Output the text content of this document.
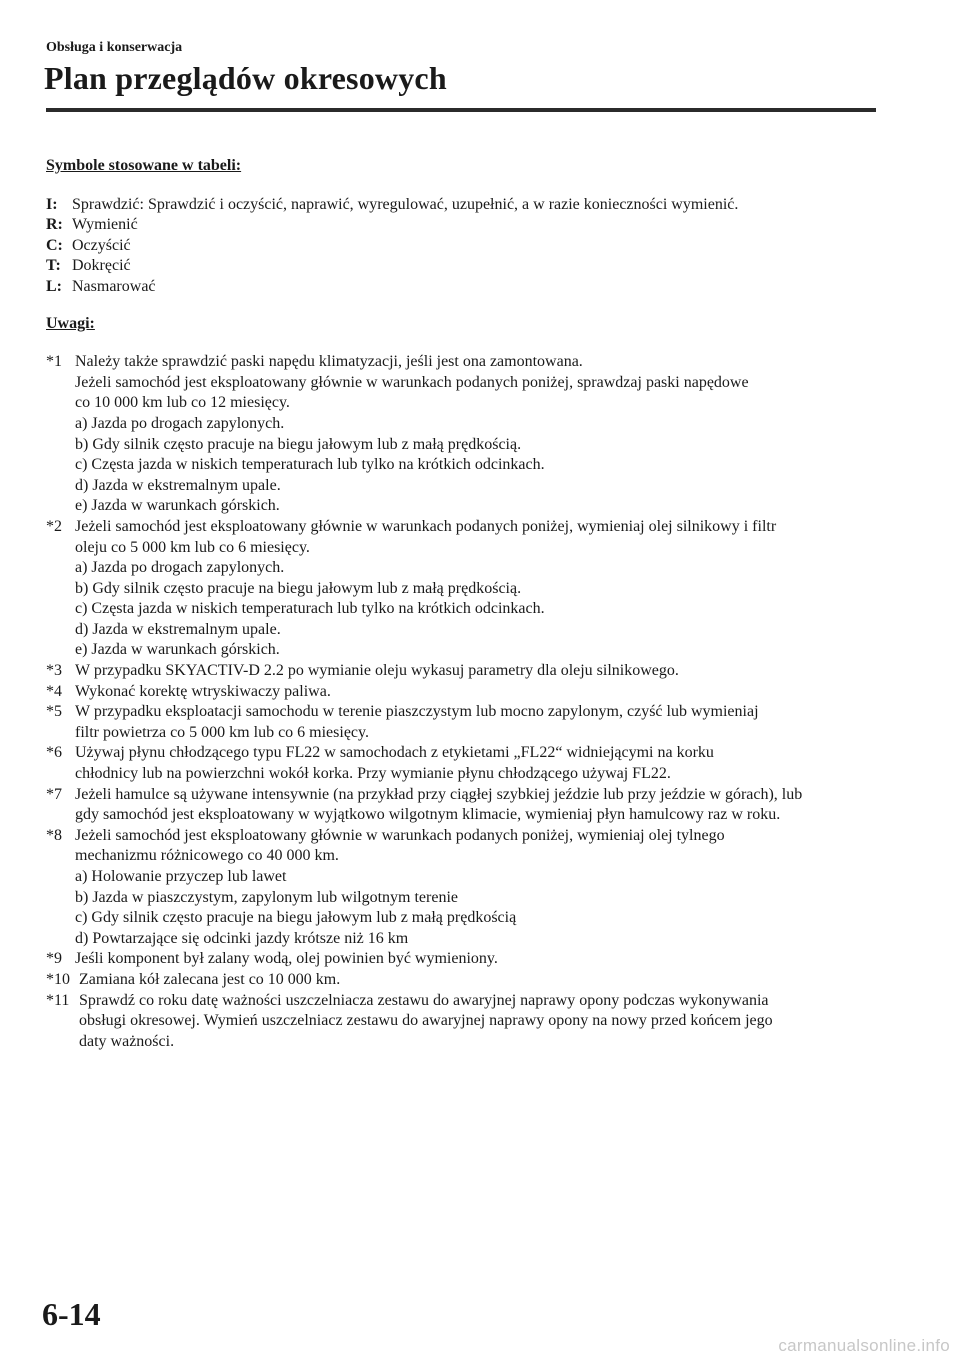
Obsługa i konserwacja
Plan przeglądów okresowych
Symbole stosowane w tabeli:
I: Sprawdzić: Sprawdzić i oczyścić, naprawić, wyregulować, uzupełnić, a w razie konieczności wymienić.
R: Wymienić
C: Oczyścić
T: Dokręcić
L: Nasmarować
Uwagi:
*1 Należy także sprawdzić paski napędu klimatyzacji, jeśli jest ona zamontowana.
Jeżeli samochód jest eksploatowany głównie w warunkach podanych poniżej, sprawdzaj paski napędowe
co 10 000 km lub co 12 miesięcy.
a) Jazda po drogach zapylonych.
b) Gdy silnik często pracuje na biegu jałowym lub z małą prędkością.
c) Częsta jazda w niskich temperaturach lub tylko na krótkich odcinkach.
d) Jazda w ekstremalnym upale.
e) Jazda w warunkach górskich.
*2 Jeżeli samochód jest eksploatowany głównie w warunkach podanych poniżej, wymieniaj olej silnikowy i filtr
oleju co 5 000 km lub co 6 miesięcy.
a) Jazda po drogach zapylonych.
b) Gdy silnik często pracuje na biegu jałowym lub z małą prędkością.
c) Częsta jazda w niskich temperaturach lub tylko na krótkich odcinkach.
d) Jazda w ekstremalnym upale.
e) Jazda w warunkach górskich.
*3 W przypadku SKYACTIV-D 2.2 po wymianie oleju wykasuj parametry dla oleju silnikowego.
*4 Wykonać korektę wtryskiwaczy paliwa.
*5 W przypadku eksploatacji samochodu w terenie piaszczystym lub mocno zapylonym, czyść lub wymieniaj
filtr powietrza co 5 000 km lub co 6 miesięcy.
*6 Używaj płynu chłodzącego typu FL22 w samochodach z etykietami „FL22“ widniejącymi na korku
chłodnicy lub na powierzchni wokół korka. Przy wymianie płynu chłodzącego używaj FL22.
*7 Jeżeli hamulce są używane intensywnie (na przykład przy ciągłej szybkiej jeździe lub przy jeździe w górach), lub
gdy samochód jest eksploatowany w wyjątkowo wilgotnym klimacie, wymieniaj płyn hamulcowy raz w roku.
*8 Jeżeli samochód jest eksploatowany głównie w warunkach podanych poniżej, wymieniaj olej tylnego
mechanizmu różnicowego co 40 000 km.
a) Holowanie przyczep lub lawet
b) Jazda w piaszczystym, zapylonym lub wilgotnym terenie
c) Gdy silnik często pracuje na biegu jałowym lub z małą prędkością
d) Powtarzające się odcinki jazdy krótsze niż 16 km
*9 Jeśli komponent był zalany wodą, olej powinien być wymieniony.
*10 Zamiana kół zalecana jest co 10 000 km.
*11 Sprawdź co roku datę ważności uszczelniacza zestawu do awaryjnej naprawy opony podczas wykonywania
obsługi okresowej. Wymień uszczelniacz zestawu do awaryjnej naprawy opony na nowy przed końcem jego
daty ważności.
6-14
carmanualsonline.info
